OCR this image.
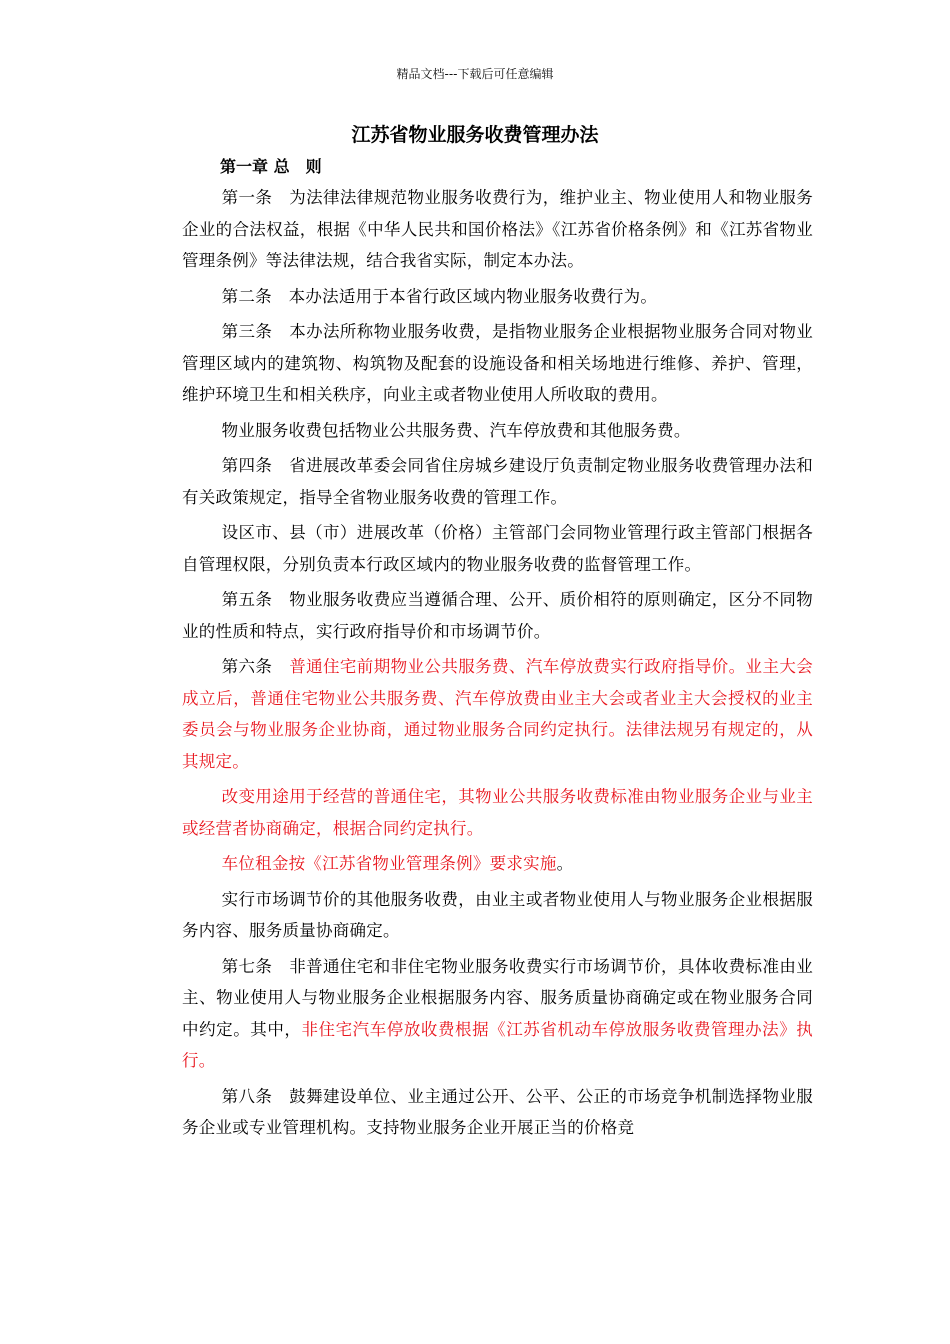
精品文档---下载后可任意编辑
江苏省物业服务收费管理办法
第一章 总　则

第一条　为法律法律规范物业服务收费行为，维护业主、物业使用人和物业服务企业的合法权益，根据《中华人民共和国价格法》《江苏省价格条例》和《江苏省物业管理条例》等法律法规，结合我省实际，制定本办法。

第二条　本办法适用于本省行政区域内物业服务收费行为。

第三条　本办法所称物业服务收费，是指物业服务企业根据物业服务合同对物业管理区域内的建筑物、构筑物及配套的设施设备和相关场地进行维修、养护、管理，维护环境卫生和相关秩序，向业主或者物业使用人所收取的费用。

物业服务收费包括物业公共服务费、汽车停放费和其他服务费。

第四条　省进展改革委会同省住房城乡建设厅负责制定物业服务收费管理办法和有关政策规定，指导全省物业服务收费的管理工作。

设区市、县（市）进展改革（价格）主管部门会同物业管理行政主管部门根据各自管理权限，分别负责本行政区域内的物业服务收费的监督管理工作。

第五条　物业服务收费应当遵循合理、公开、质价相符的原则确定，区分不同物业的性质和特点，实行政府指导价和市场调节价。

第六条　普通住宅前期物业公共服务费、汽车停放费实行政府指导价。业主大会成立后，普通住宅物业公共服务费、汽车停放费由业主大会或者业主大会授权的业主委员会与物业服务企业协商，通过物业服务合同约定执行。法律法规另有规定的，从其规定。

改变用途用于经营的普通住宅，其物业公共服务收费标准由物业服务企业与业主或经营者协商确定，根据合同约定执行。

车位租金按《江苏省物业管理条例》要求实施。

实行市场调节价的其他服务收费，由业主或者物业使用人与物业服务企业根据服务内容、服务质量协商确定。

第七条　非普通住宅和非住宅物业服务收费实行市场调节价，具体收费标准由业主、物业使用人与物业服务企业根据服务内容、服务质量协商确定或在物业服务合同中约定。其中，非住宅汽车停放收费根据《江苏省机动车停放服务收费管理办法》执行。

第八条　鼓舞建设单位、业主通过公开、公平、公正的市场竞争机制选择物业服务企业或专业管理机构。支持物业服务企业开展正当的价格竞
